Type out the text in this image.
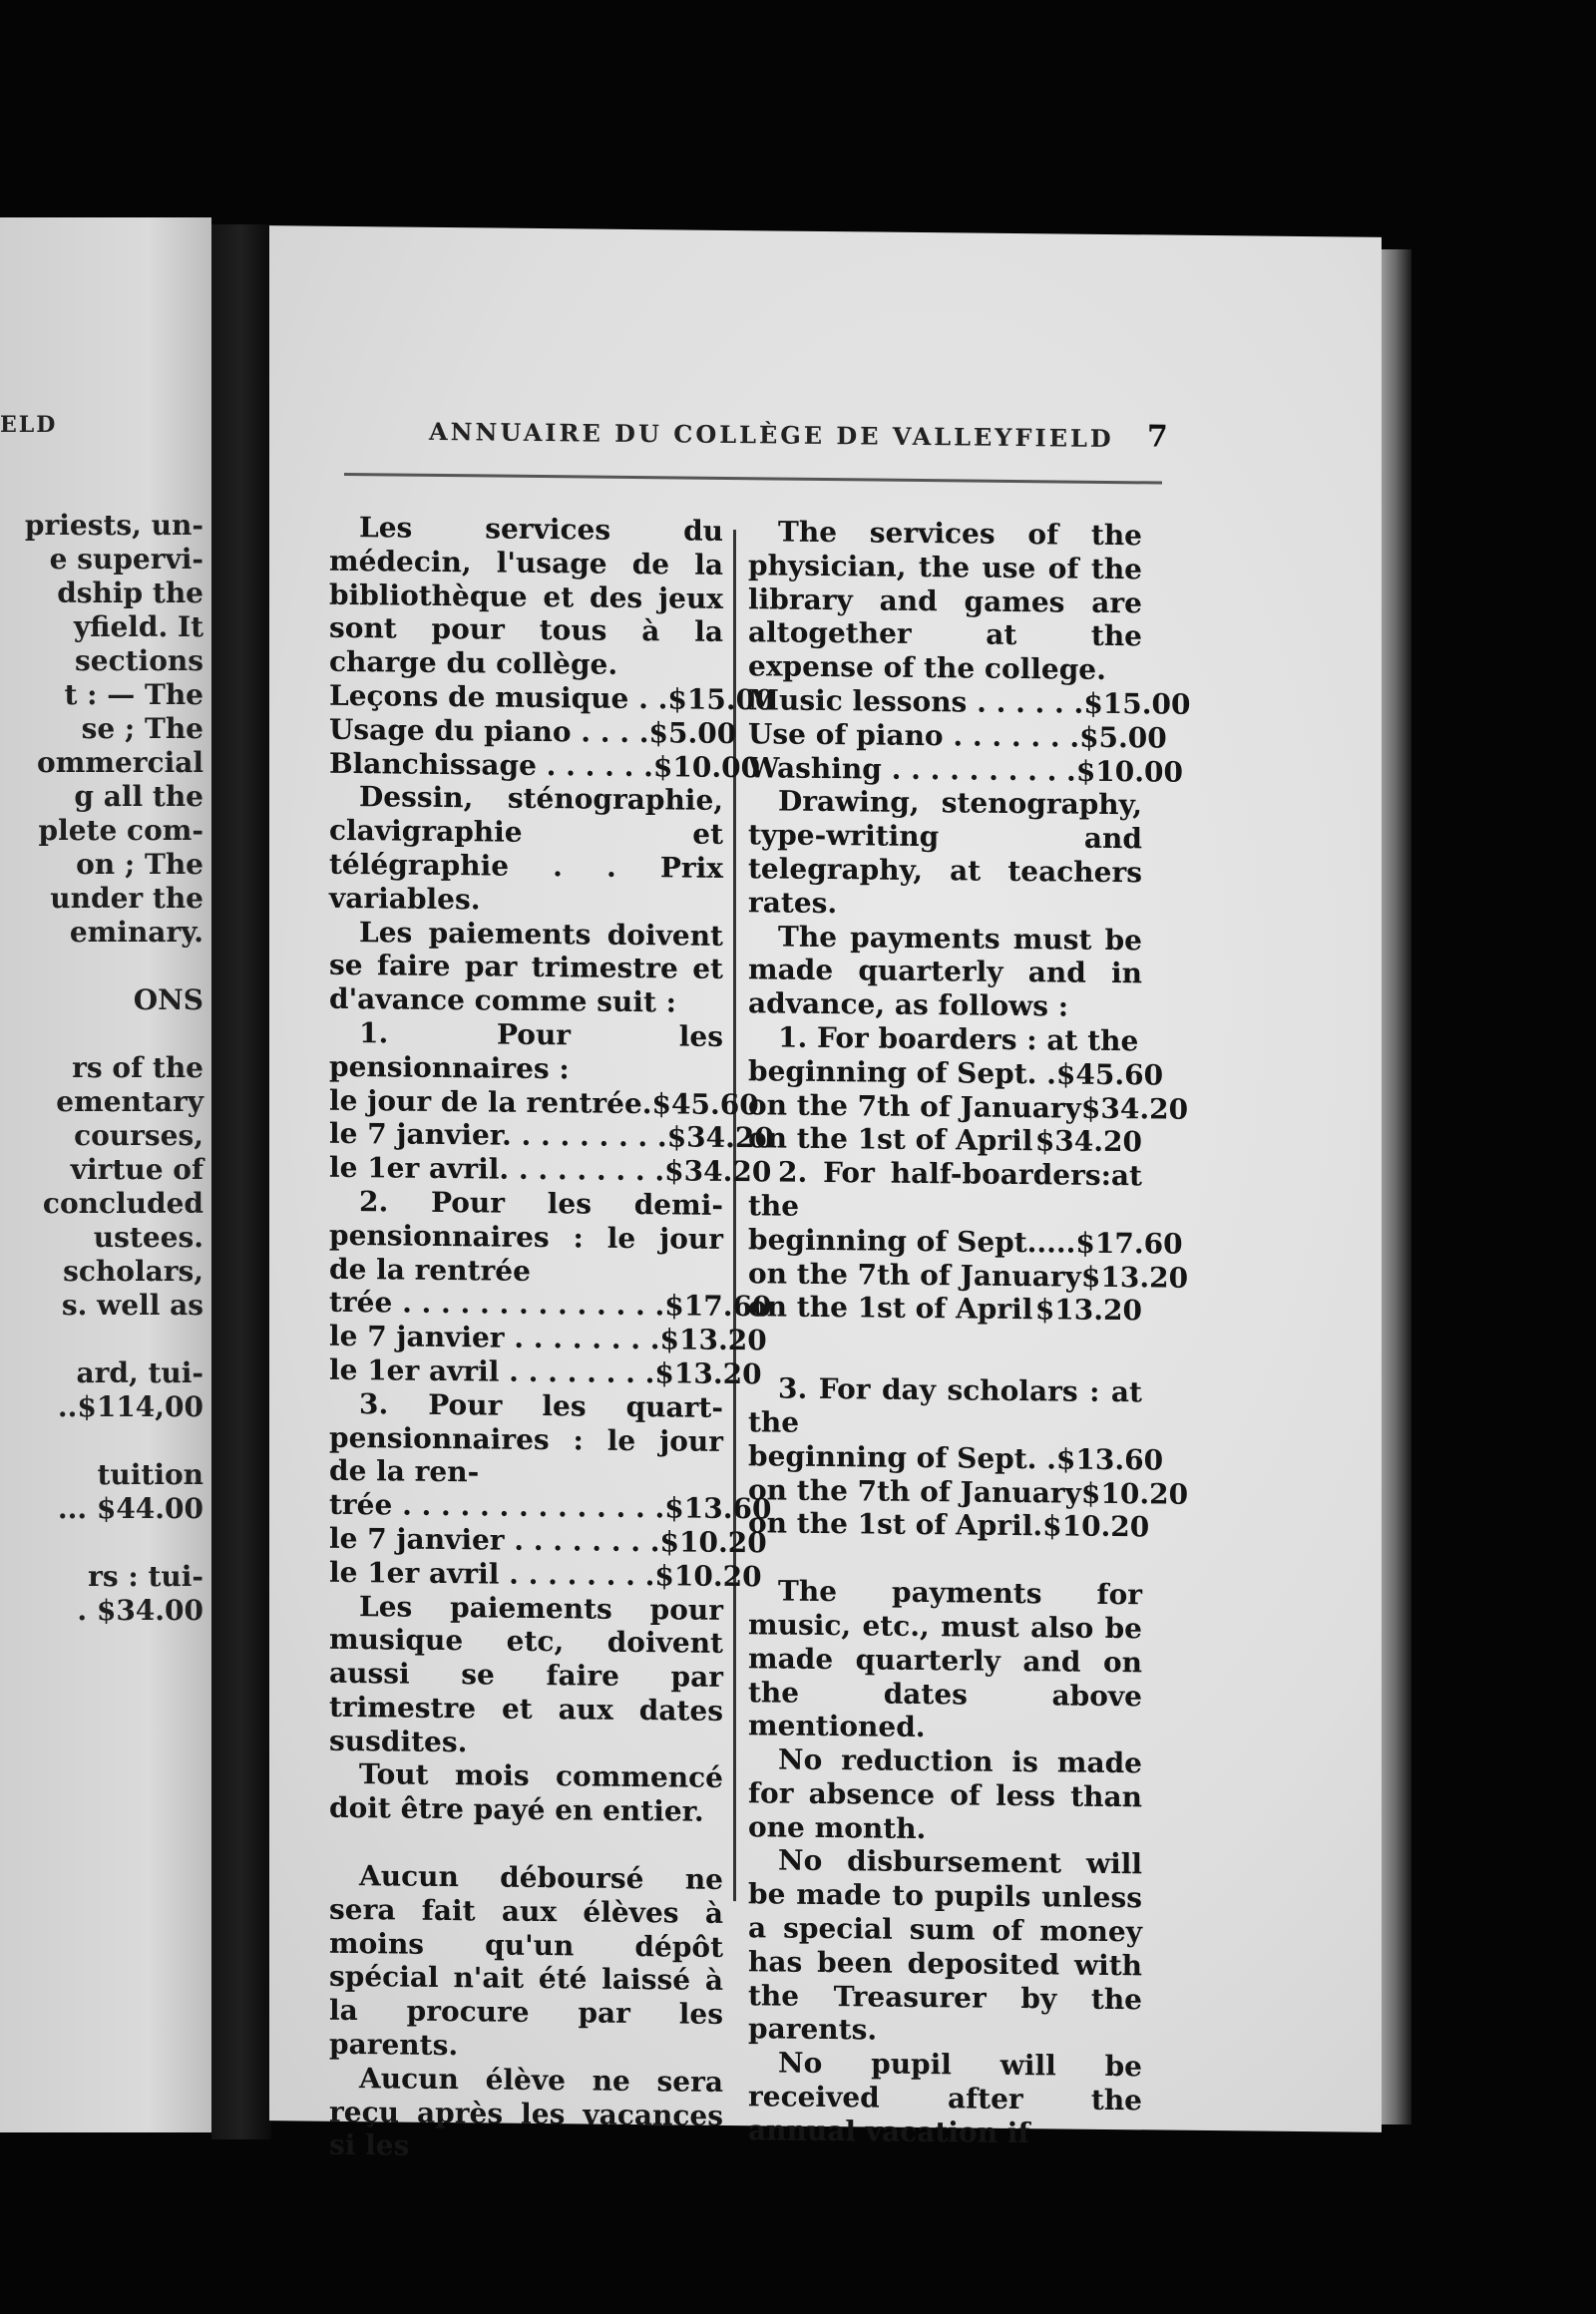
ELD
priests, un-
e supervi-
dship the
yfield. It
sections
t : — The
se ; The
ommercial
g all the
plete com-
on ; The
under the
eminary.
ONS
rs of the
ementary
courses,
virtue of
concluded
ustees.
scholars,
s. well as
ard, tui-
..$114,00
tuition
... $44.00
rs : tui-
. $34.00
ANNUAIRE DU COLLÈGE DE VALLEYFIELD	7

Les services du médecin, l'usage de la bibliothèque et des jeux sont pour tous à la charge du collège.

Leçons de musique . . $15.00
Usage du piano . . . . $5.00
Blanchissage . . . . . . $10.00

Dessin, sténographie, clavigraphie et télégraphie . . Prix variables.

Les paiements doivent se faire par trimestre et d'avance comme suit :

1. Pour les pensionnaires :

le jour de la rentrée. $45.60
le 7 janvier. . . . . . . . . $34.20
le 1er avril. . . . . . . . . $34.20

2. Pour les demi-pensionnaires : le jour de la rentrée

trée . . . . . . . . . . . . . . $17.60
le 7 janvier . . . . . . . . $13.20
le 1er avril . . . . . . . . $13.20

3. Pour les quart-pensionnaires : le jour de la ren-

trée . . . . . . . . . . . . . . $13.60
le 7 janvier . . . . . . . . $10.20
le 1er avril . . . . . . . . $10.20

Les paiements pour musique etc, doivent aussi se faire par trimestre et aux dates susdites.

Tout mois commencé doit être payé en entier.

Aucun déboursé ne sera fait aux élèves à moins qu'un dépôt spécial n'ait été laissé à la procure par les parents.

Aucun élève ne sera reçu après les vacances si les

The services of the physician, the use of the library and games are altogether at the expense of the college.

Music lessons . . . . . . $15.00
Use of piano . . . . . . . $5.00
Washing . . . . . . . . . . $10.00

Drawing, stenography, type-writing and telegraphy, at teachers rates.

The payments must be made quarterly and in advance, as follows :

1. For boarders : at the

beginning of Sept. . $45.60
on the 7th of January $34.20
on the 1st of April $34.20

2. For half-boarders:at the

beginning of Sept..... $17.60
on the 7th of January $13.20
on the 1st of April $13.20

3. For day scholars : at the

beginning of Sept. . $13.60
on the 7th of January $10.20
on the 1st of April. $10.20

The payments for music, etc., must also be made quarterly and on the dates above mentioned.

No reduction is made for absence of less than one month.

No disbursement will be made to pupils unless a special sum of money has been deposited with the Treasurer by the parents.

No pupil will be received after the annual vacation if
